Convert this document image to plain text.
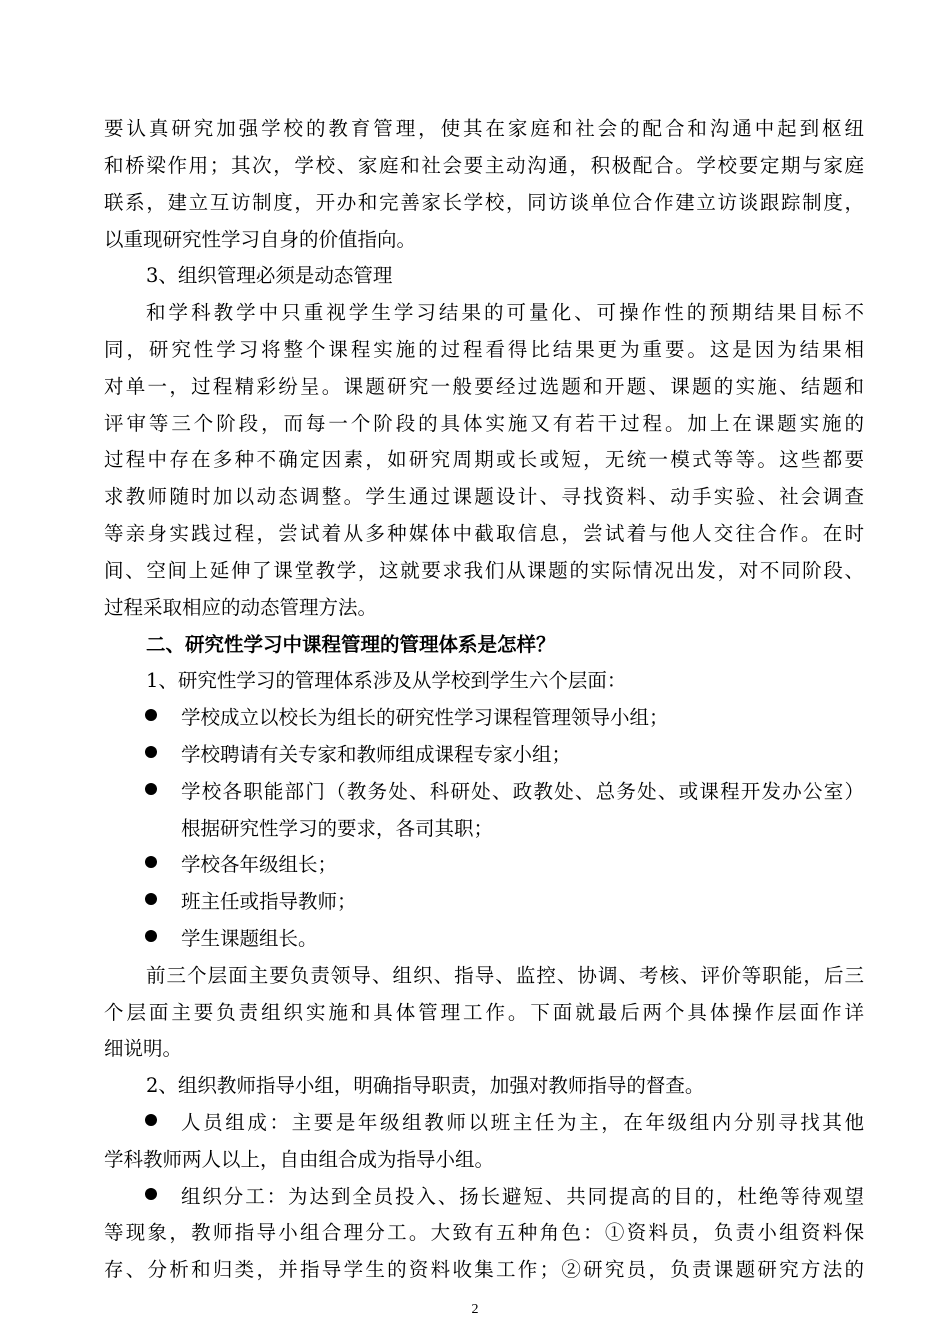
要认真研究加强学校的教育管理，使其在家庭和社会的配合和沟通中起到枢纽
和桥梁作用；其次，学校、家庭和社会要主动沟通，积极配合。学校要定期与家庭
联系，建立互访制度，开办和完善家长学校，同访谈单位合作建立访谈跟踪制度，
以重现研究性学习自身的价值指向。
3、组织管理必须是动态管理
和学科教学中只重视学生学习结果的可量化、可操作性的预期结果目标不
同，研究性学习将整个课程实施的过程看得比结果更为重要。这是因为结果相
对单一，过程精彩纷呈。课题研究一般要经过选题和开题、课题的实施、结题和
评审等三个阶段，而每一个阶段的具体实施又有若干过程。加上在课题实施的
过程中存在多种不确定因素，如研究周期或长或短，无统一模式等等。这些都要
求教师随时加以动态调整。学生通过课题设计、寻找资料、动手实验、社会调查
等亲身实践过程，尝试着从多种媒体中截取信息，尝试着与他人交往合作。在时
间、空间上延伸了课堂教学，这就要求我们从课题的实际情况出发，对不同阶段、
过程采取相应的动态管理方法。
二、研究性学习中课程管理的管理体系是怎样？
1、研究性学习的管理体系涉及从学校到学生六个层面：
学校成立以校长为组长的研究性学习课程管理领导小组；
学校聘请有关专家和教师组成课程专家小组；
学校各职能部门（教务处、科研处、政教处、总务处、或课程开发办公室）
根据研究性学习的要求，各司其职；
学校各年级组长；
班主任或指导教师；
学生课题组长。
前三个层面主要负责领导、组织、指导、监控、协调、考核、评价等职能，后三
个层面主要负责组织实施和具体管理工作。下面就最后两个具体操作层面作详
细说明。
2、组织教师指导小组，明确指导职责，加强对教师指导的督查。
人员组成：主要是年级组教师以班主任为主，在年级组内分别寻找其他
学科教师两人以上，自由组合成为指导小组。
组织分工：为达到全员投入、扬长避短、共同提高的目的，杜绝等待观望
等现象，教师指导小组合理分工。大致有五种角色：①资料员，负责小组资料保
存、分析和归类，并指导学生的资料收集工作；②研究员，负责课题研究方法的
2
